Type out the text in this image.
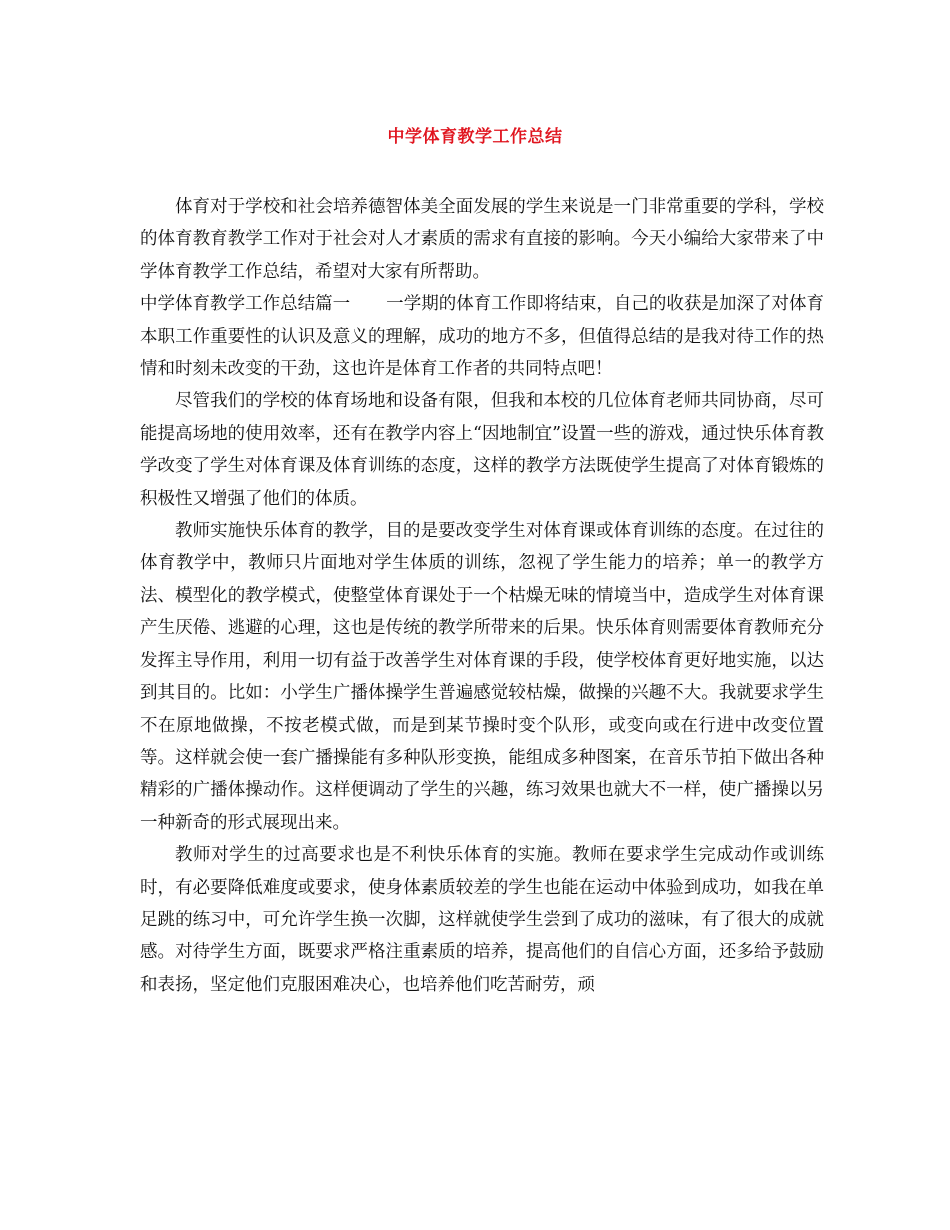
中学体育教学工作总结

体育对于学校和社会培养德智体美全面发展的学生来说是一门非常重要的学科，学校的体育教育教学工作对于社会对人才素质的需求有直接的影响。今天小编给大家带来了中学体育教学工作总结，希望对大家有所帮助。

中学体育教学工作总结篇一 一学期的体育工作即将结束，自己的收获是加深了对体育本职工作重要性的认识及意义的理解，成功的地方不多，但值得总结的是我对待工作的热情和时刻未改变的干劲，这也许是体育工作者的共同特点吧！

尽管我们的学校的体育场地和设备有限，但我和本校的几位体育老师共同协商，尽可能提高场地的使用效率，还有在教学内容上“因地制宜”设置一些的游戏，通过快乐体育教学改变了学生对体育课及体育训练的态度，这样的教学方法既使学生提高了对体育锻炼的积极性又增强了他们的体质。

教师实施快乐体育的教学，目的是要改变学生对体育课或体育训练的态度。在过往的体育教学中，教师只片面地对学生体质的训练，忽视了学生能力的培养；单一的教学方法、模型化的教学模式，使整堂体育课处于一个枯燥无味的情境当中，造成学生对体育课产生厌倦、逃避的心理，这也是传统的教学所带来的后果。快乐体育则需要体育教师充分发挥主导作用，利用一切有益于改善学生对体育课的手段，使学校体育更好地实施，以达到其目的。比如：小学生广播体操学生普遍感觉较枯燥，做操的兴趣不大。我就要求学生不在原地做操，不按老模式做，而是到某节操时变个队形，或变向或在行进中改变位置等。这样就会使一套广播操能有多种队形变换，能组成多种图案，在音乐节拍下做出各种精彩的广播体操动作。这样便调动了学生的兴趣，练习效果也就大不一样，使广播操以另一种新奇的形式展现出来。

教师对学生的过高要求也是不利快乐体育的实施。教师在要求学生完成动作或训练时，有必要降低难度或要求，使身体素质较差的学生也能在运动中体验到成功，如我在单足跳的练习中，可允许学生换一次脚，这样就使学生尝到了成功的滋味，有了很大的成就感。对待学生方面，既要求严格注重素质的培养，提高他们的自信心方面，还多给予鼓励和表扬，坚定他们克服困难决心，也培养他们吃苦耐劳，顽
